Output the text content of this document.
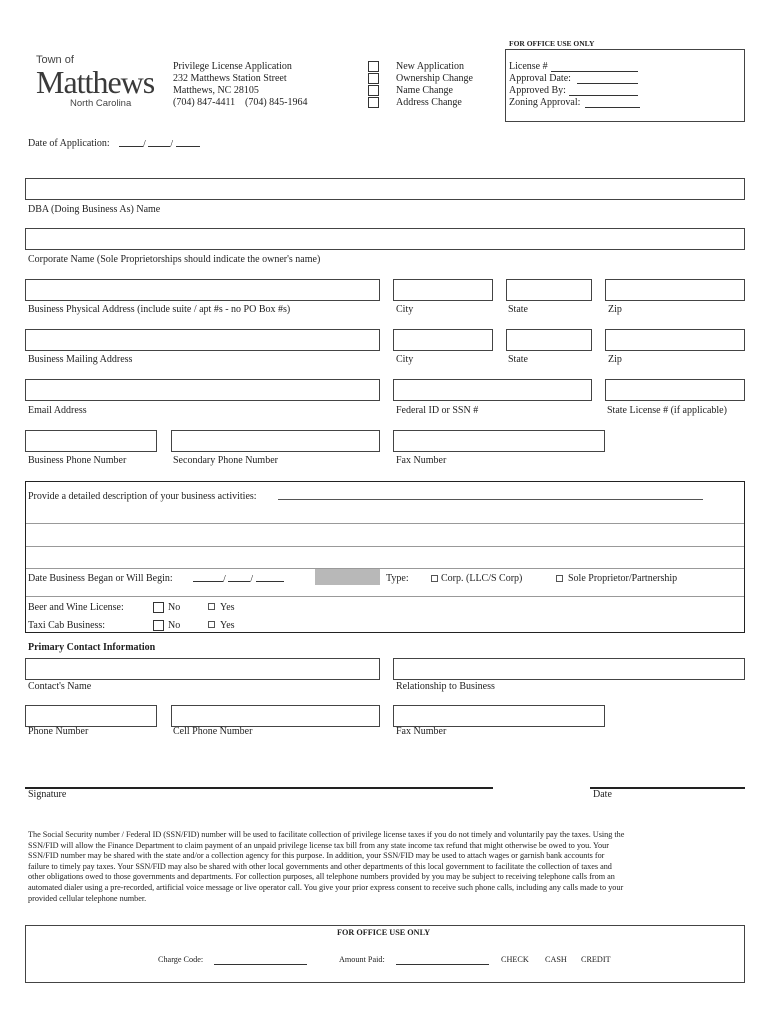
Town of
Matthews
North Carolina
Privilege License Application
232 Matthews Station Street
Matthews, NC 28105
(704) 847-4411 (704) 845-1964
New Application
Ownership Change
Name Change
Address Change
FOR OFFICE USE ONLY
License #
Approval Date:
Approved By:
Zoning Approval:
Date of Application:	/ /
DBA (Doing Business As) Name
Corporate Name (Sole Proprietorships should indicate the owner's name)
Business Physical Address (include suite / apt #s - no PO Box #s)	City	State	Zip
Business Mailing Address	City	State	Zip
Email Address	Federal ID or SSN #	State License # (if applicable)
Business Phone Number	Secondary Phone Number	Fax Number
Provide a detailed description of your business activities:
Date Business Began or Will Begin:	/ /	Type:	Corp. (LLC/S Corp)	Sole Proprietor/Partnership
Beer and Wine License:	No	Yes
Taxi Cab Business:	No	Yes
Primary Contact Information
Contact's Name	Relationship to Business
Phone Number	Cell Phone Number	Fax Number
Signature	Date
The Social Security number / Federal ID (SSN/FID) number will be used to facilitate collection of privilege license taxes if you do not timely and voluntarily pay the taxes. Using the
SSN/FID will allow the Finance Department to claim payment of an unpaid privilege license tax bill from any state income tax refund that might otherwise be owed to you. Your
SSN/FID number may be shared with the state and/or a collection agency for this purpose. In addition, your SSN/FID may be used to attach wages or garnish bank accounts for
failure to timely pay taxes. Your SSN/FID may also be shared with other local governments and other departments of this local government to facilitate the collection of taxes and
other obligations owed to those governments and departments. For collection purposes, all telephone numbers provided by you may be subject to receiving telephone calls from an
automated dialer using a pre-recorded, artificial voice message or live operator call. You give your prior express consent to receive such phone calls, including any calls made to your
provided cellular telephone number.
FOR OFFICE USE ONLY
Charge Code:	Amount Paid:	CHECK CASH CREDIT
